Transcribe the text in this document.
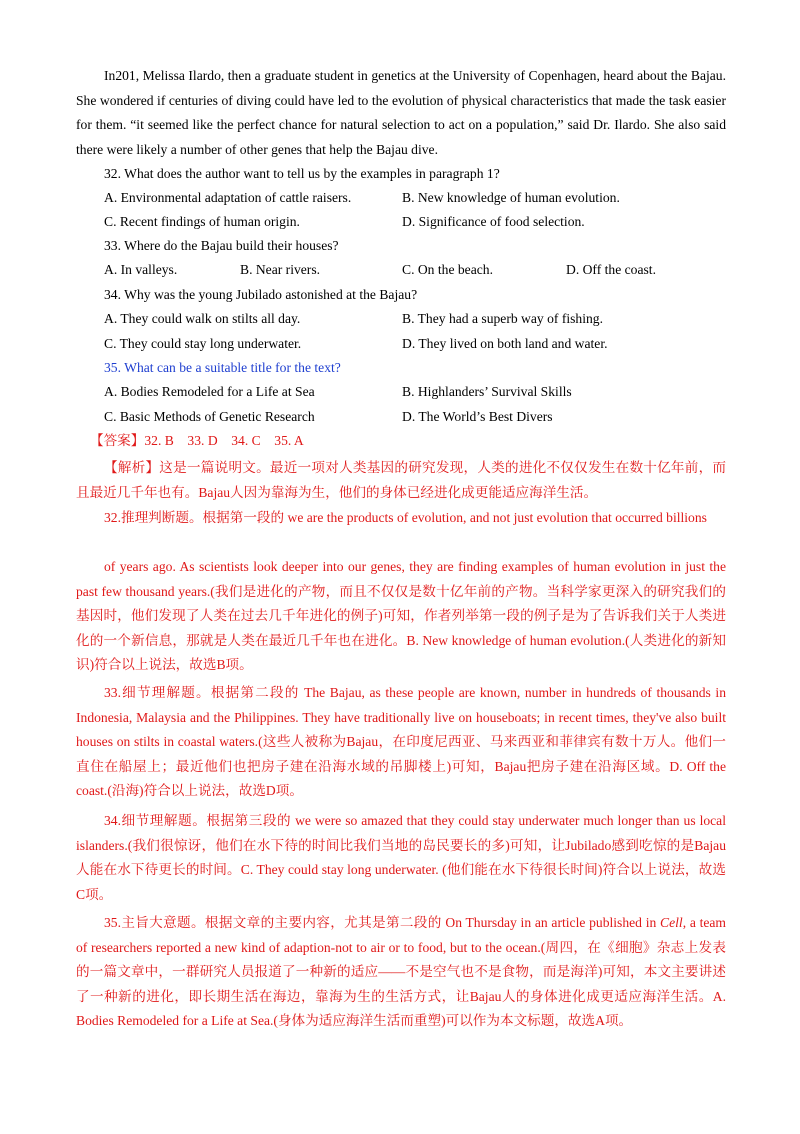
In201, Melissa Ilardo, then a graduate student in genetics at the University of Copenhagen, heard about the Bajau. She wondered if centuries of diving could have led to the evolution of physical characteristics that made the task easier for them. “it seemed like the perfect chance for natural selection to act on a population,” said Dr. Ilardo. She also said there were likely a number of other genes that help the Bajau dive.

32. What does the author want to tell us by the examples in paragraph 1?
A. Environmental adaptation of cattle raisers.	B. New knowledge of human evolution.
C. Recent findings of human origin.	D. Significance of food selection.
33. Where do the Bajau build their houses?
A. In valleys.	B. Near rivers.	C. On the beach.	D. Off the coast.
34. Why was the young Jubilado astonished at the Bajau?
A. They could walk on stilts all day.	B. They had a superb way of fishing.
C. They could stay long underwater.	D. They lived on both land and water.
35. What can be a suitable title for the text?
A. Bodies Remodeled for a Life at Sea	B. Highlanders’ Survival Skills
C. Basic Methods of Genetic Research	D. The World’s Best Divers
【答案】32. B    33. D    34. C    35. A

【解析】这是一篇说明文。最近一项对人类基因的研究发现，人类的进化不仅仅发生在数十亿年前，而且最近几千年也有。Bajau人因为靠海为生，他们的身体已经进化成更能适应海洋生活。

32.推理判断题。根据第一段的 we are the products of evolution, and not just evolution that occurred billions

of years ago. As scientists look deeper into our genes, they are finding examples of human evolution in just the past few thousand years.(我们是进化的产物，而且不仅仅是数十亿年前的产物。当科学家更深入的研究我们的基因时，他们发现了人类在过去几千年进化的例子)可知，作者列举第一段的例子是为了告诉我们关于人类进化的一个新信息，那就是人类在最近几千年也在进化。B. New knowledge of human evolution.(人类进化的新知识)符合以上说法，故选B项。

33.细节理解题。根据第二段的 The Bajau, as these people are known, number in hundreds of thousands in Indonesia, Malaysia and the Philippines. They have traditionally live on houseboats; in recent times, they've also built houses on stilts in coastal waters.(这些人被称为Bajau，在印度尼西亚、马来西亚和菲律宾有数十万人。他们一直住在船屋上；最近他们也把房子建在沿海水域的吊脚楼上)可知，Bajau把房子建在沿海区域。D. Off the coast.(沿海)符合以上说法，故选D项。

34.细节理解题。根据第三段的 we were so amazed that they could stay underwater much longer than us local islanders.(我们很惊讶，他们在水下待的时间比我们当地的岛民要长的多)可知，让Jubilado感到吃惊的是Bajau人能在水下待更长的时间。C. They could stay long underwater. (他们能在水下待很长时间)符合以上说法，故选C项。

35.主旨大意题。根据文章的主要内容，尤其是第二段的 On Thursday in an article published in Cell, a team of researchers reported a new kind of adaption-not to air or to food, but to the ocean.(周四，在《细胞》杂志上发表的一篇文章中，一群研究人员报道了一种新的适应——不是空气也不是食物，而是海洋)可知，本文主要讲述了一种新的进化，即长期生活在海边，靠海为生的生活方式，让Bajau人的身体进化成更适应海洋生活。A. Bodies Remodeled for a Life at Sea.(身体为适应海洋生活而重塑)可以作为本文标题，故选A项。
